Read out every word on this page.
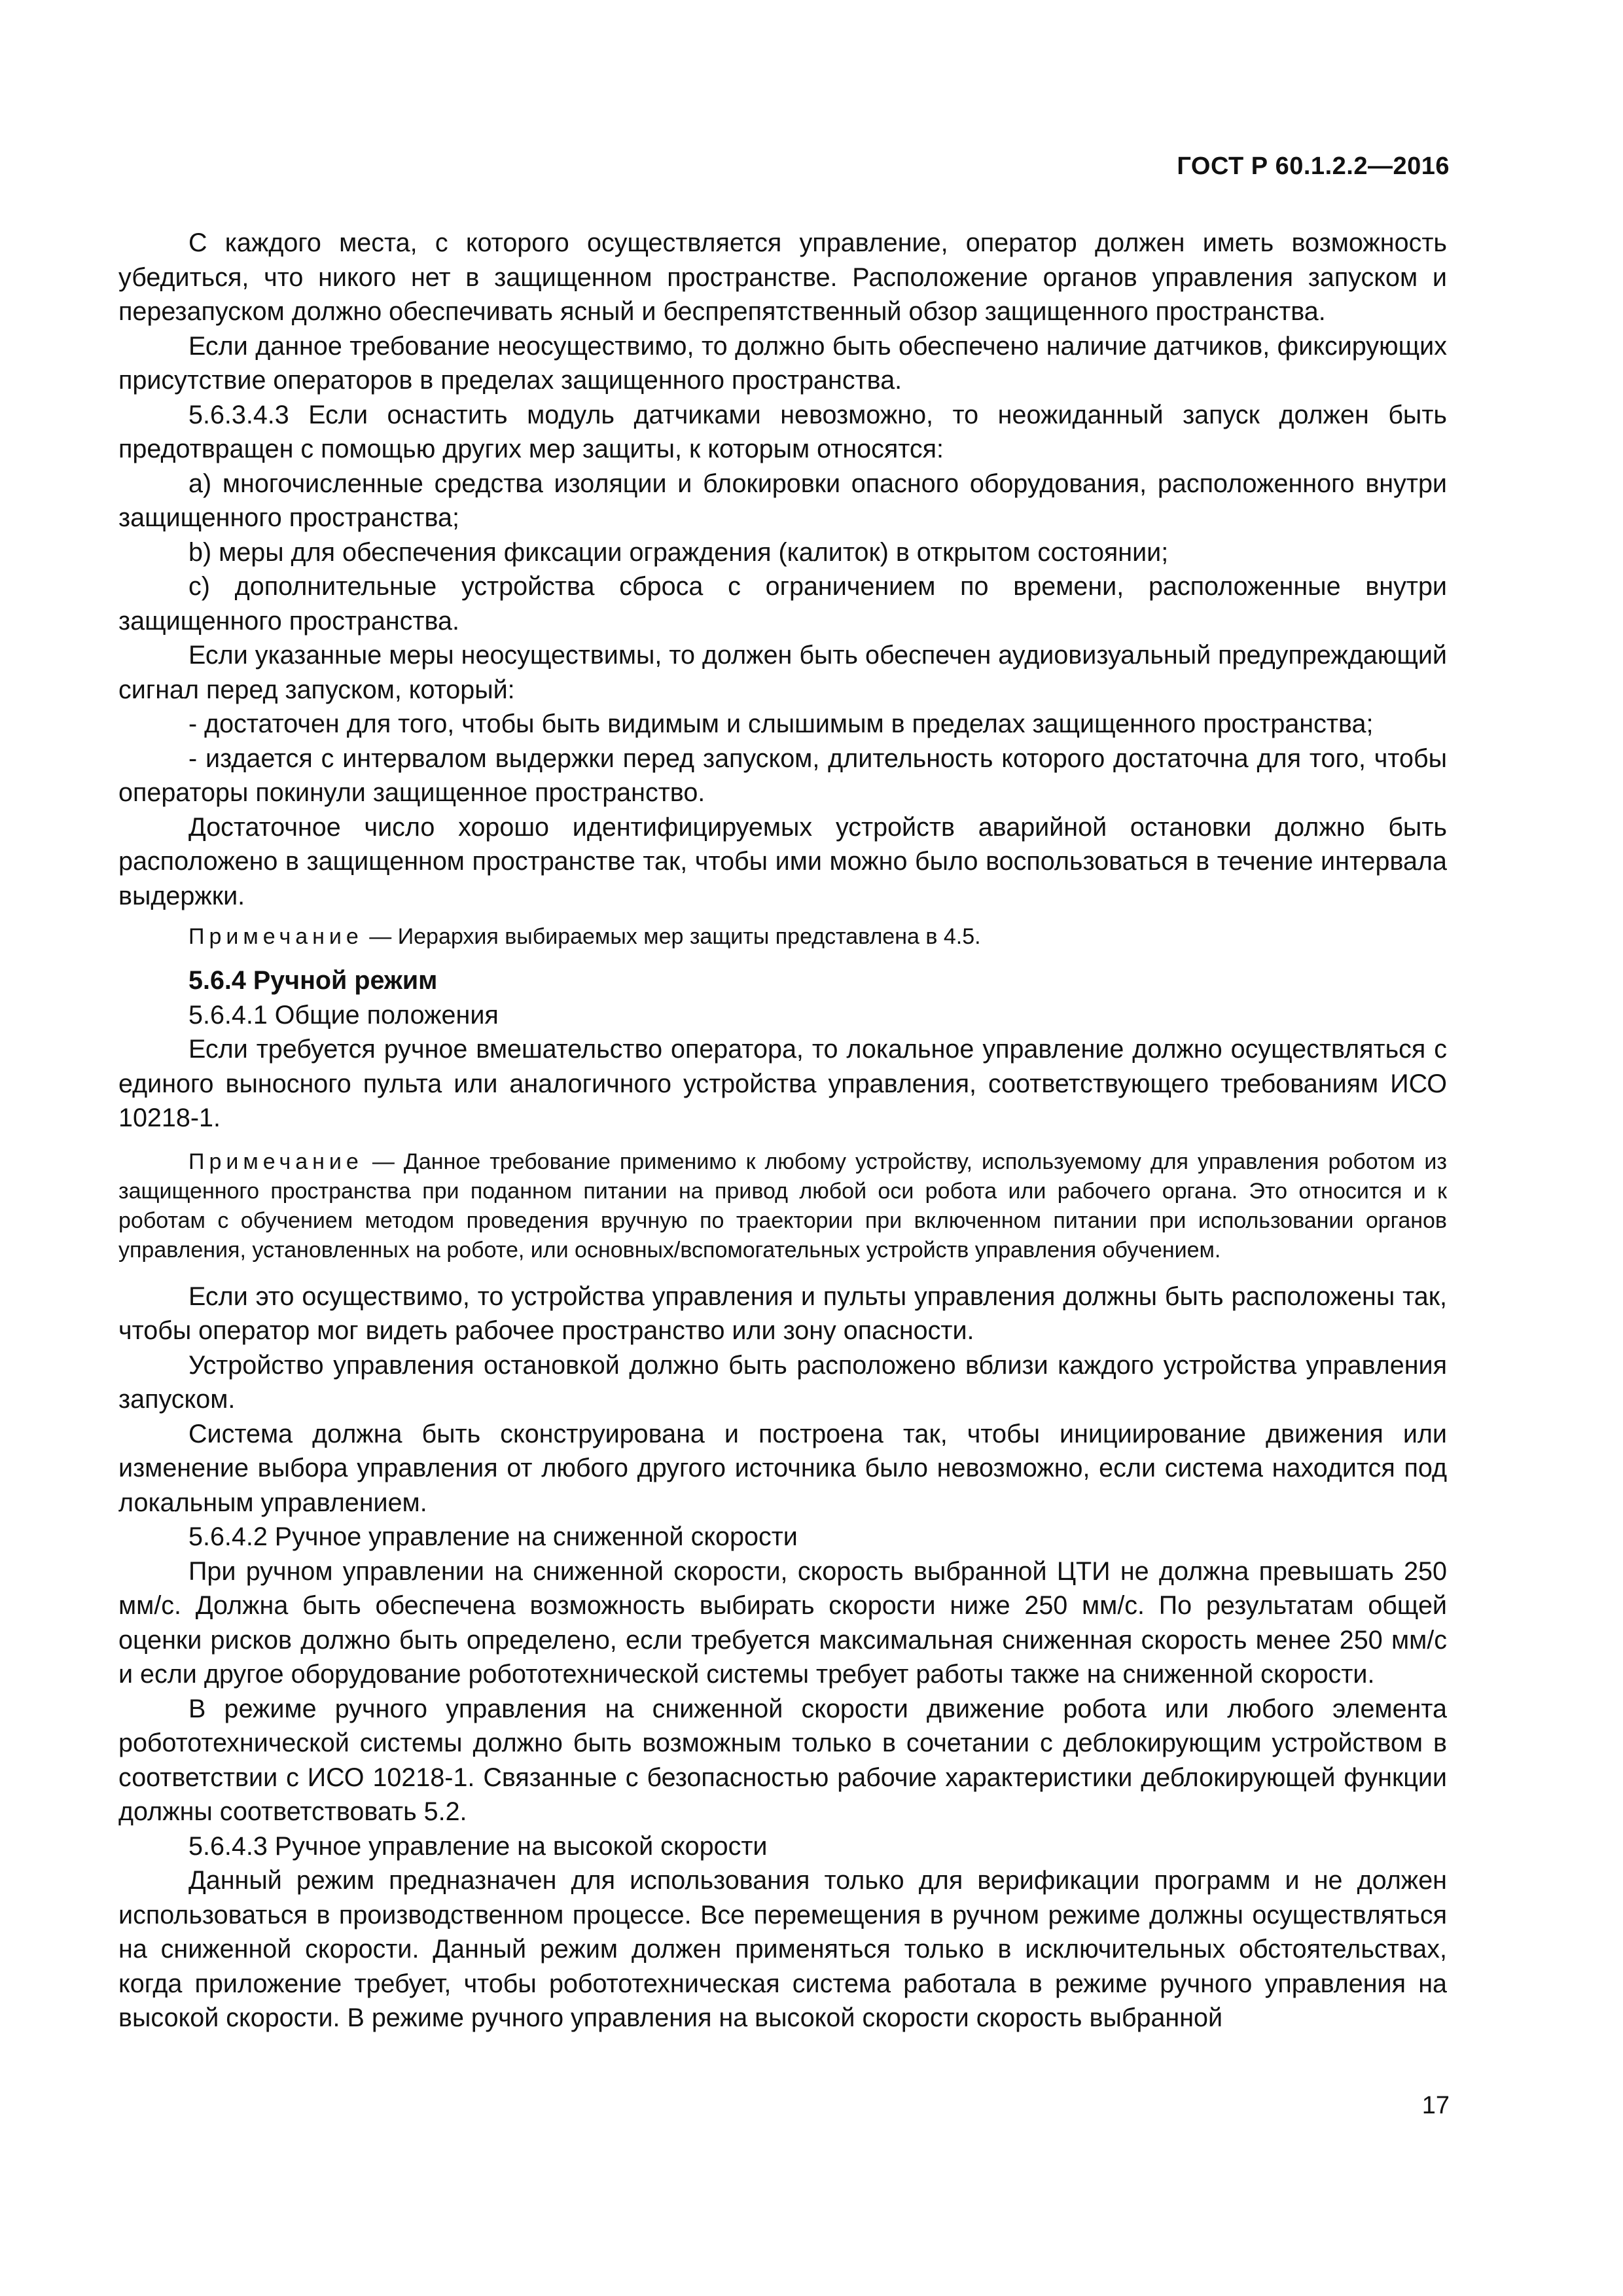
ГОСТ Р 60.1.2.2—2016

С каждого места, с которого осуществляется управление, оператор должен иметь возможность убедиться, что никого нет в защищенном пространстве. Расположение органов управления запуском и перезапуском должно обеспечивать ясный и беспрепятственный обзор защищенного пространства.

Если данное требование неосуществимо, то должно быть обеспечено наличие датчиков, фиксирующих присутствие операторов в пределах защищенного пространства.

5.6.3.4.3 Если оснастить модуль датчиками невозможно, то неожиданный запуск должен быть предотвращен с помощью других мер защиты, к которым относятся:

a) многочисленные средства изоляции и блокировки опасного оборудования, расположенного внутри защищенного пространства;

b) меры для обеспечения фиксации ограждения (калиток) в открытом состоянии;

c) дополнительные устройства сброса с ограничением по времени, расположенные внутри защищенного пространства.

Если указанные меры неосуществимы, то должен быть обеспечен аудиовизуальный предупреждающий сигнал перед запуском, который:

- достаточен для того, чтобы быть видимым и слышимым в пределах защищенного пространства;

- издается с интервалом выдержки перед запуском, длительность которого достаточна для того, чтобы операторы покинули защищенное пространство.

Достаточное число хорошо идентифицируемых устройств аварийной остановки должно быть расположено в защищенном пространстве так, чтобы ими можно было воспользоваться в течение интервала выдержки.

Примечание — Иерархия выбираемых мер защиты представлена в 4.5.

5.6.4 Ручной режим

5.6.4.1 Общие положения

Если требуется ручное вмешательство оператора, то локальное управление должно осуществляться с единого выносного пульта или аналогичного устройства управления, соответствующего требованиям ИСО 10218-1.

Примечание — Данное требование применимо к любому устройству, используемому для управления роботом из защищенного пространства при поданном питании на привод любой оси робота или рабочего органа. Это относится и к роботам с обучением методом проведения вручную по траектории при включенном питании при использовании органов управления, установленных на роботе, или основных/вспомогательных устройств управления обучением.

Если это осуществимо, то устройства управления и пульты управления должны быть расположены так, чтобы оператор мог видеть рабочее пространство или зону опасности.

Устройство управления остановкой должно быть расположено вблизи каждого устройства управления запуском.

Система должна быть сконструирована и построена так, чтобы инициирование движения или изменение выбора управления от любого другого источника было невозможно, если система находится под локальным управлением.

5.6.4.2 Ручное управление на сниженной скорости

При ручном управлении на сниженной скорости, скорость выбранной ЦТИ не должна превышать 250 мм/с. Должна быть обеспечена возможность выбирать скорости ниже 250 мм/с. По результатам общей оценки рисков должно быть определено, если требуется максимальная сниженная скорость менее 250 мм/с и если другое оборудование робототехнической системы требует работы также на сниженной скорости.

В режиме ручного управления на сниженной скорости движение робота или любого элемента робототехнической системы должно быть возможным только в сочетании с деблокирующим устройством в соответствии с ИСО 10218-1. Связанные с безопасностью рабочие характеристики деблокирующей функции должны соответствовать 5.2.

5.6.4.3 Ручное управление на высокой скорости

Данный режим предназначен для использования только для верификации программ и не должен использоваться в производственном процессе. Все перемещения в ручном режиме должны осуществляться на сниженной скорости. Данный режим должен применяться только в исключительных обстоятельствах, когда приложение требует, чтобы робототехническая система работала в режиме ручного управления на высокой скорости. В режиме ручного управления на высокой скорости скорость выбранной

17
